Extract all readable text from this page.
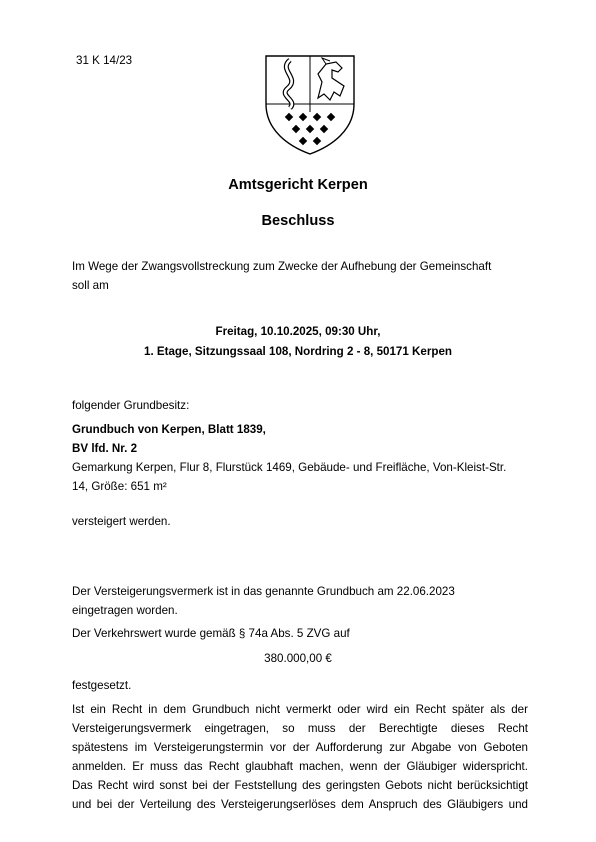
31 K 14/23
Amtsgericht Kerpen
Beschluss
Im Wege der Zwangsvollstreckung zum Zwecke der Aufhebung der Gemeinschaft
soll am
Freitag, 10.10.2025, 09:30 Uhr,
1. Etage, Sitzungssaal 108, Nordring 2 - 8, 50171 Kerpen
folgender Grundbesitz:
Grundbuch von Kerpen, Blatt 1839,
BV lfd. Nr. 2
Gemarkung Kerpen, Flur 8, Flurstück 1469, Gebäude- und Freifläche, Von-Kleist-Str.
14, Größe: 651 m²
versteigert werden.
Der Versteigerungsvermerk ist in das genannte Grundbuch am 22.06.2023
eingetragen worden.
Der Verkehrswert wurde gemäß § 74a Abs. 5 ZVG auf
380.000,00 €
festgesetzt.
Ist ein Recht in dem Grundbuch nicht vermerkt oder wird ein Recht später als der
Versteigerungsvermerk eingetragen, so muss der Berechtigte dieses Recht
spätestens im Versteigerungstermin vor der Aufforderung zur Abgabe von Geboten
anmelden. Er muss das Recht glaubhaft machen, wenn der Gläubiger widerspricht.
Das Recht wird sonst bei der Feststellung des geringsten Gebots nicht berücksichtigt
und bei der Verteilung des Versteigerungserlöses dem Anspruch des Gläubigers und
